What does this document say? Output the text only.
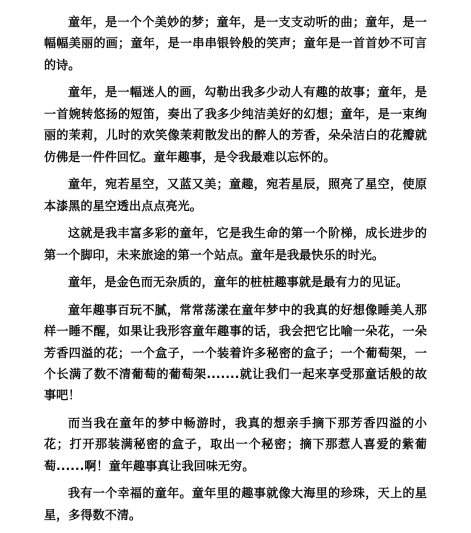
童年，是一个个美妙的梦；童年，是一支支动听的曲；童年，是一幅幅美丽的画；童年，是一串串银铃般的笑声；童年是一首首妙不可言的诗。

童年，是一幅迷人的画，勾勒出我多少动人有趣的故事；童年，是一首婉转悠扬的短笛，奏出了我多少纯洁美好的幻想；童年，是一束绚丽的茉莉，儿时的欢笑像茉莉散发出的醉人的芳香，朵朵洁白的花瓣就仿佛是一件件回忆。童年趣事，是令我最难以忘怀的。

童年，宛若星空，又蓝又美；童趣，宛若星辰，照亮了星空，使原本漆黑的星空透出点点亮光。

这就是我丰富多彩的童年，它是我生命的第一个阶梯，成长进步的第一个脚印，未来旅途的第一个站点。童年是我最快乐的时光。

童年，是金色而无杂质的，童年的桩桩趣事就是最有力的见证。

童年趣事百玩不腻，常常荡漾在童年梦中的我真的好想像睡美人那样一睡不醒，如果让我形容童年趣事的话，我会把它比喻一朵花，一朵芳香四溢的花；一个盒子，一个装着许多秘密的盒子；一个葡萄架，一个长满了数不清葡萄的葡萄架.......就让我们一起来享受那童话般的故事吧！

而当我在童年的梦中畅游时，我真的想亲手摘下那芳香四溢的小花；打开那装满秘密的盒子，取出一个秘密；摘下那惹人喜爱的紫葡萄......啊！童年趣事真让我回味无穷。

我有一个幸福的童年。童年里的趣事就像大海里的珍珠，天上的星星，多得数不清。
